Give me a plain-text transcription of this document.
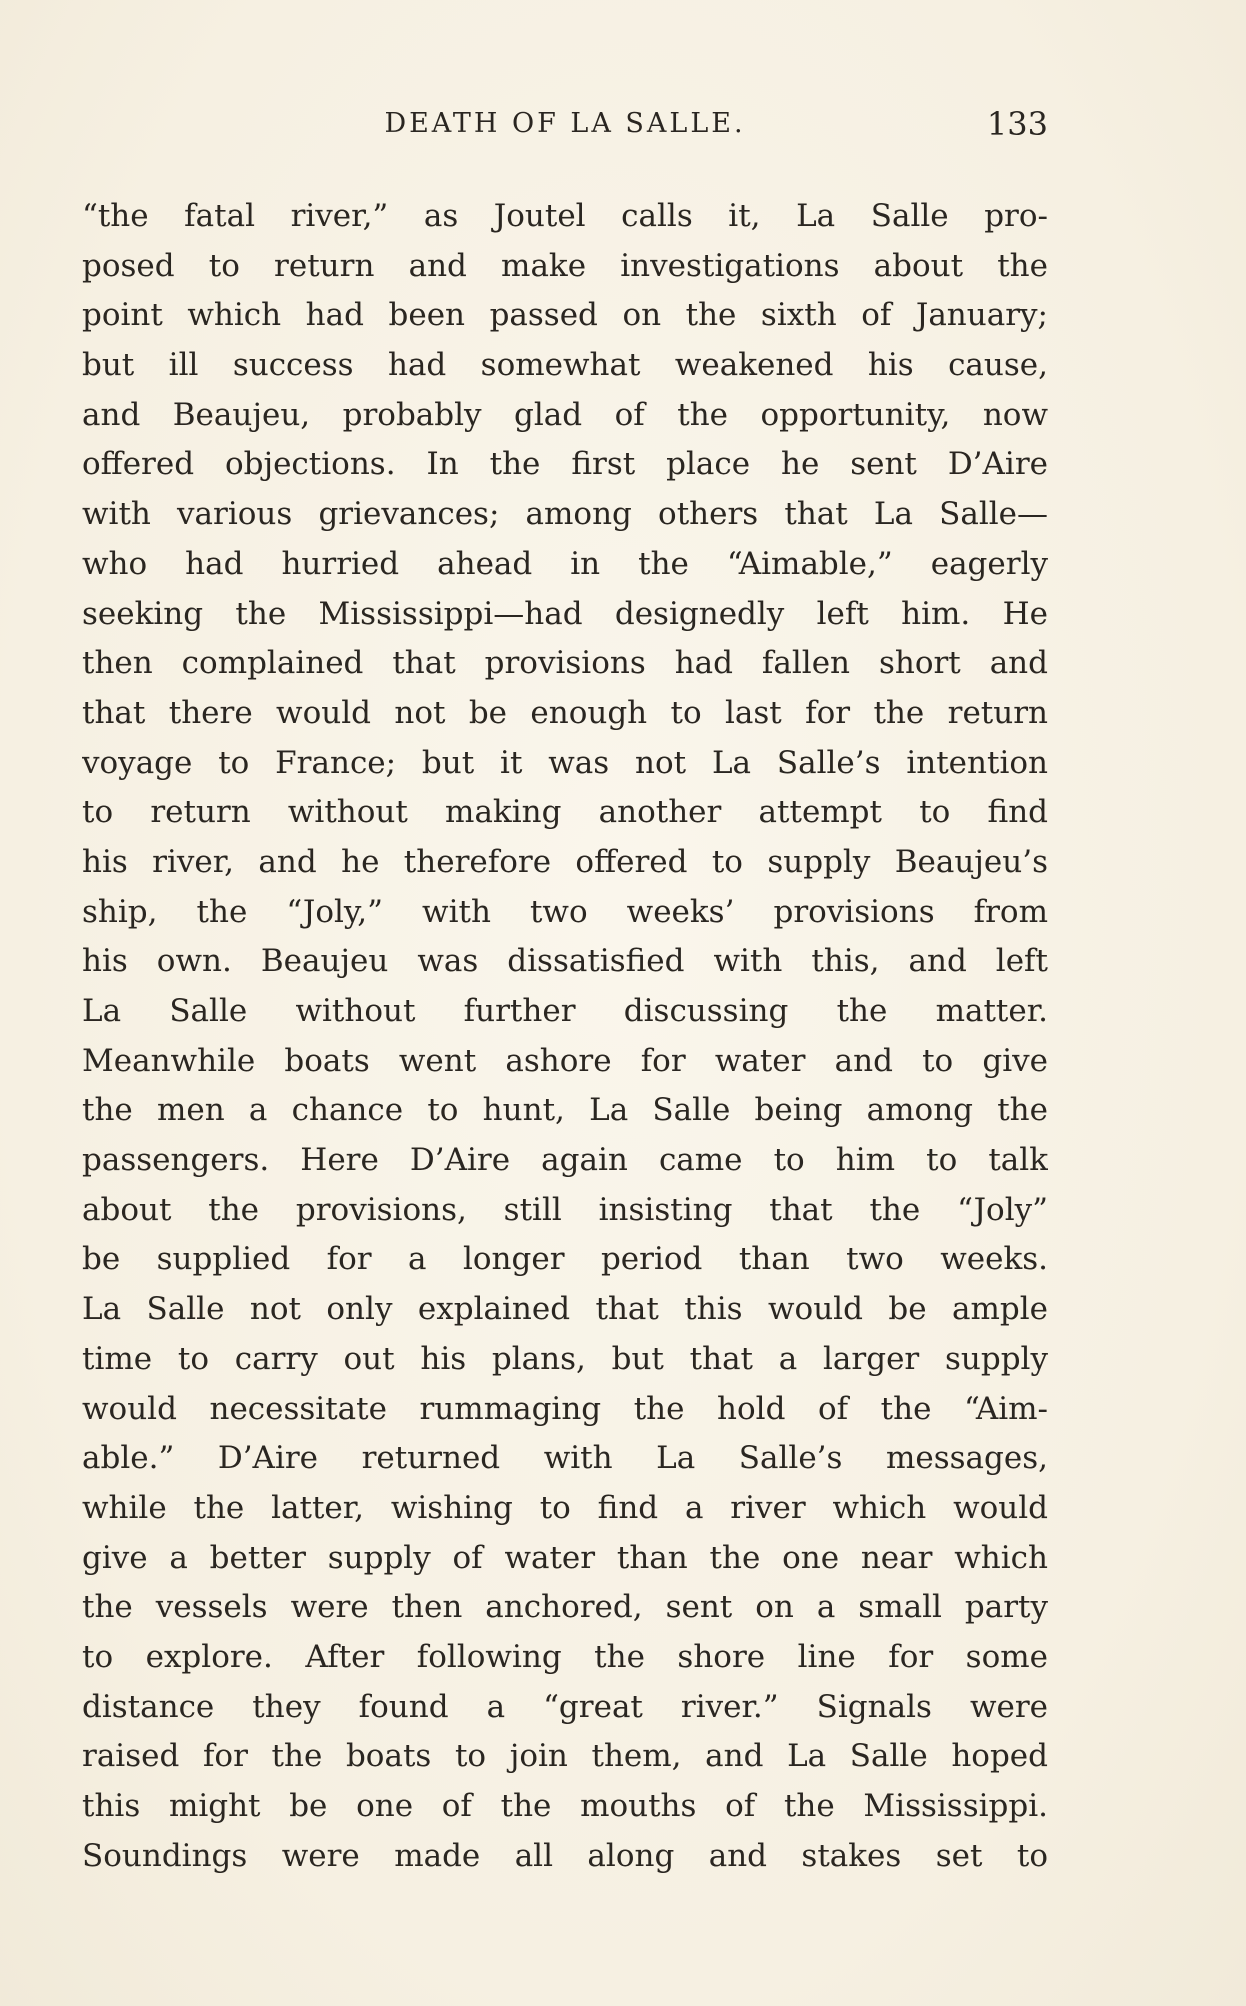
DEATH OF LA SALLE.	133
“the fatal river,” as Joutel calls it, La Salle pro-
posed to return and make investigations about the
point which had been passed on the sixth of January;
but ill success had somewhat weakened his cause,
and Beaujeu, probably glad of the opportunity, now
offered objections. In the first place he sent D’Aire
with various grievances; among others that La Salle—
who had hurried ahead in the “Aimable,” eagerly
seeking the Mississippi—had designedly left him. He
then complained that provisions had fallen short and
that there would not be enough to last for the return
voyage to France; but it was not La Salle’s intention
to return without making another attempt to find
his river, and he therefore offered to supply Beaujeu’s
ship, the “Joly,” with two weeks’ provisions from
his own. Beaujeu was dissatisfied with this, and left
La Salle without further discussing the matter.
Meanwhile boats went ashore for water and to give
the men a chance to hunt, La Salle being among the
passengers. Here D’Aire again came to him to talk
about the provisions, still insisting that the “Joly”
be supplied for a longer period than two weeks.
La Salle not only explained that this would be ample
time to carry out his plans, but that a larger supply
would necessitate rummaging the hold of the “Aim-
able.” D’Aire returned with La Salle’s messages,
while the latter, wishing to find a river which would
give a better supply of water than the one near which
the vessels were then anchored, sent on a small party
to explore. After following the shore line for some
distance they found a “great river.” Signals were
raised for the boats to join them, and La Salle hoped
this might be one of the mouths of the Mississippi.
Soundings were made all along and stakes set to
